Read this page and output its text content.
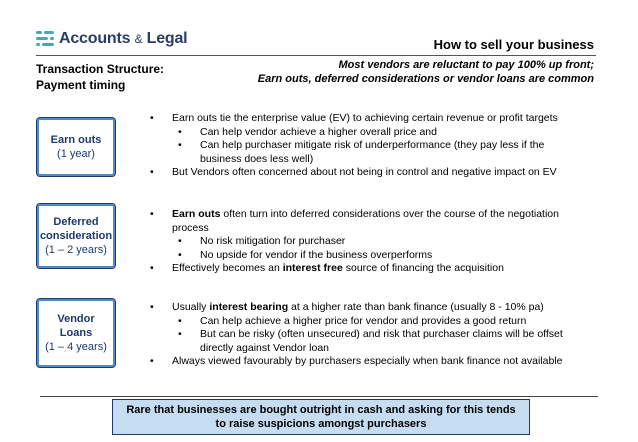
Accounts & Legal	How to sell your business
Transaction Structure:
Payment timing
Most vendors are reluctant to pay 100% up front;
Earn outs, deferred considerations or vendor loans are common
Earn outs
(1 year)
• Earn outs tie the enterprise value (EV) to achieving certain revenue or profit targets
• Can help vendor achieve a higher overall price and
• Can help purchaser mitigate risk of underperformance (they pay less if the
business does less well)
• But Vendors often concerned about not being in control and negative impact on EV
Deferred
consideration
(1 – 2 years)
• Earn outs often turn into deferred considerations over the course of the negotiation
process
• No risk mitigation for purchaser
• No upside for vendor if the business overperforms
• Effectively becomes an interest free source of financing the acquisition
Vendor
Loans
(1 – 4 years)
• Usually interest bearing at a higher rate than bank finance (usually 8 - 10% pa)
• Can help achieve a higher price for vendor and provides a good return
• But can be risky (often unsecured) and risk that purchaser claims will be offset
directly against Vendor loan
• Always viewed favourably by purchasers especially when bank finance not available
Rare that businesses are bought outright in cash and asking for this tends
to raise suspicions amongst purchasers
